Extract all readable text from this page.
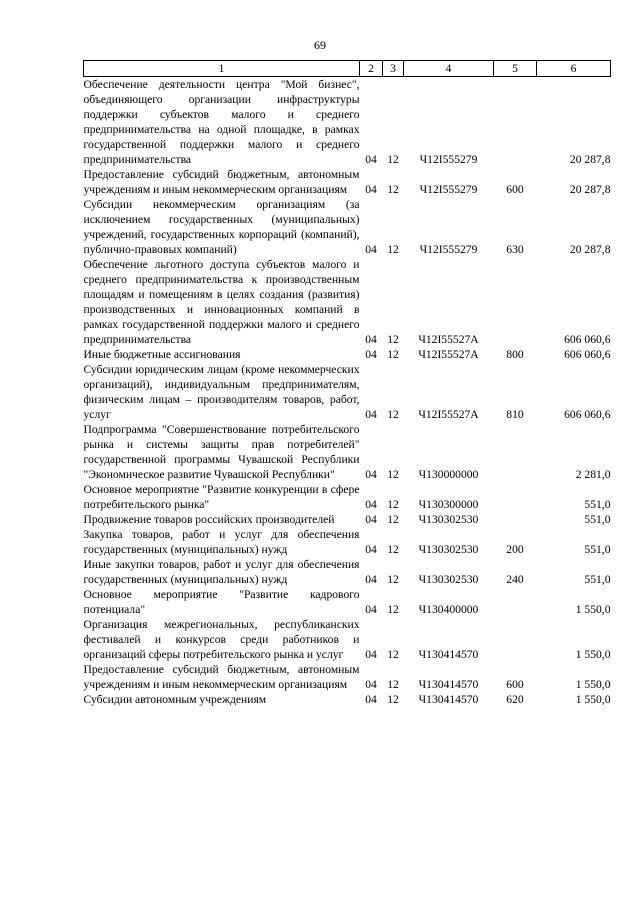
69
1	2	3	4	5	6
Обеспечение деятельности центра "Мой бизнес", объединяющего организации инфраструктуры поддержки субъектов малого и среднего предпринимательства на одной площадке, в рамках государственной поддержки малого и среднего предпринимательства	04	12	Ч12I555279		20 287,8
Предоставление субсидий бюджетным, автономным учреждениям и иным некоммерческим организациям	04	12	Ч12I555279	600	20 287,8
Субсидии некоммерческим организациям (за исключением государственных (муниципальных) учреждений, государственных корпораций (компаний), публично-правовых компаний)	04	12	Ч12I555279	630	20 287,8
Обеспечение льготного доступа субъектов малого и среднего предпринимательства к производственным площадям и помещениям в целях создания (развития) производственных и инновационных компаний в рамках государственной поддержки малого и среднего предпринимательства	04	12	Ч12I55527А		606 060,6
Иные бюджетные ассигнования	04	12	Ч12I55527А	800	606 060,6
Субсидии юридическим лицам (кроме некоммерческих организаций), индивидуальным предпринимателям, физическим лицам – производителям товаров, работ, услуг	04	12	Ч12I55527А	810	606 060,6
Подпрограмма "Совершенствование потребительского рынка и системы защиты прав потребителей" государственной программы Чувашской Республики "Экономическое развитие Чувашской Республики"	04	12	Ч130000000		2 281,0
Основное мероприятие "Развитие конкуренции в сфере потребительского рынка"	04	12	Ч130300000		551,0
Продвижение товаров российских производителей	04	12	Ч130302530		551,0
Закупка товаров, работ и услуг для обеспечения государственных (муниципальных) нужд	04	12	Ч130302530	200	551,0
Иные закупки товаров, работ и услуг для обеспечения государственных (муниципальных) нужд	04	12	Ч130302530	240	551,0
Основное мероприятие "Развитие кадрового потенциала"	04	12	Ч130400000		1 550,0
Организация межрегиональных, республиканских фестивалей и конкурсов среди работников и организаций сферы потребительского рынка и услуг	04	12	Ч130414570		1 550,0
Предоставление субсидий бюджетным, автономным учреждениям и иным некоммерческим организациям	04	12	Ч130414570	600	1 550,0
Субсидии автономным учреждениям	04	12	Ч130414570	620	1 550,0
